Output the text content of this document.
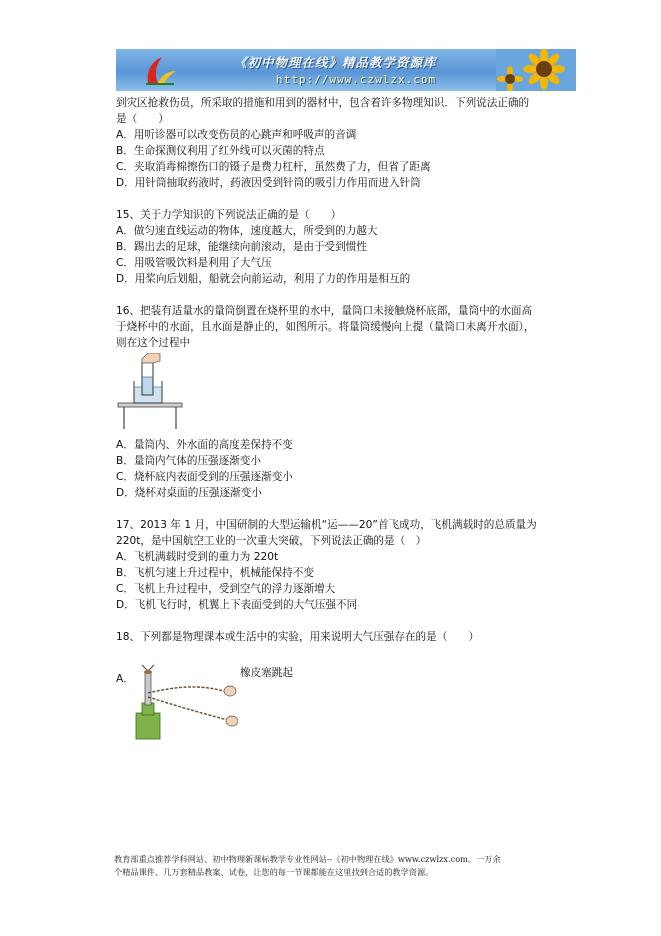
《初中物理在线》精品教学资源库
http://www.czwlzx.com
到灾区抢救伤员，所采取的措施和用到的器材中，包含着许多物理知识．下列说法正确的
是（　　）
A．用听诊器可以改变伤员的心跳声和呼吸声的音调
B．生命探测仪利用了红外线可以灭菌的特点
C．夹取消毒棉擦伤口的镊子是费力杠杆，虽然费了力，但省了距离
D．用针筒抽取药液时，药液因受到针筒的吸引力作用而进入针筒
15、关于力学知识的下列说法正确的是（　　）
A．做匀速直线运动的物体，速度越大，所受到的力越大
B．踢出去的足球，能继续向前滚动，是由于受到惯性
C．用吸管吸饮料是利用了大气压
D．用桨向后划船，船就会向前运动，利用了力的作用是相互的
16、把装有适量水的量筒倒置在烧杯里的水中，量筒口未接触烧杯底部，量筒中的水面高
于烧杯中的水面，且水面是静止的，如图所示。将量筒缓慢向上提（量筒口未离开水面），
则在这个过程中
A．量筒内、外水面的高度差保持不变
B．量筒内气体的压强逐渐变小
C．烧杯底内表面受到的压强逐渐变小
D．烧杯对桌面的压强逐渐变小
17、2013 年 1 月，中国研制的大型运输机“运——20”首飞成功，飞机满载时的总质量为
220t，是中国航空工业的一次重大突破，下列说法正确的是（　）
A．飞机满载时受到的重力为 220t
B．飞机匀速上升过程中，机械能保持不变
C．飞机上升过程中，受到空气的浮力逐渐增大
D．飞机飞行时，机翼上下表面受到的大气压强不同
18、下列都是物理课本或生活中的实验，用来说明大气压强存在的是（　　）
A．	橡皮塞跳起
教育部重点推荐学科网站、初中物理新课标教学专业性网站--《初中物理在线》www.czwlzx.com。一万余
个精品课件、几万套精品教案、试卷，让您的每一节课都能在这里找到合适的教学资源。
